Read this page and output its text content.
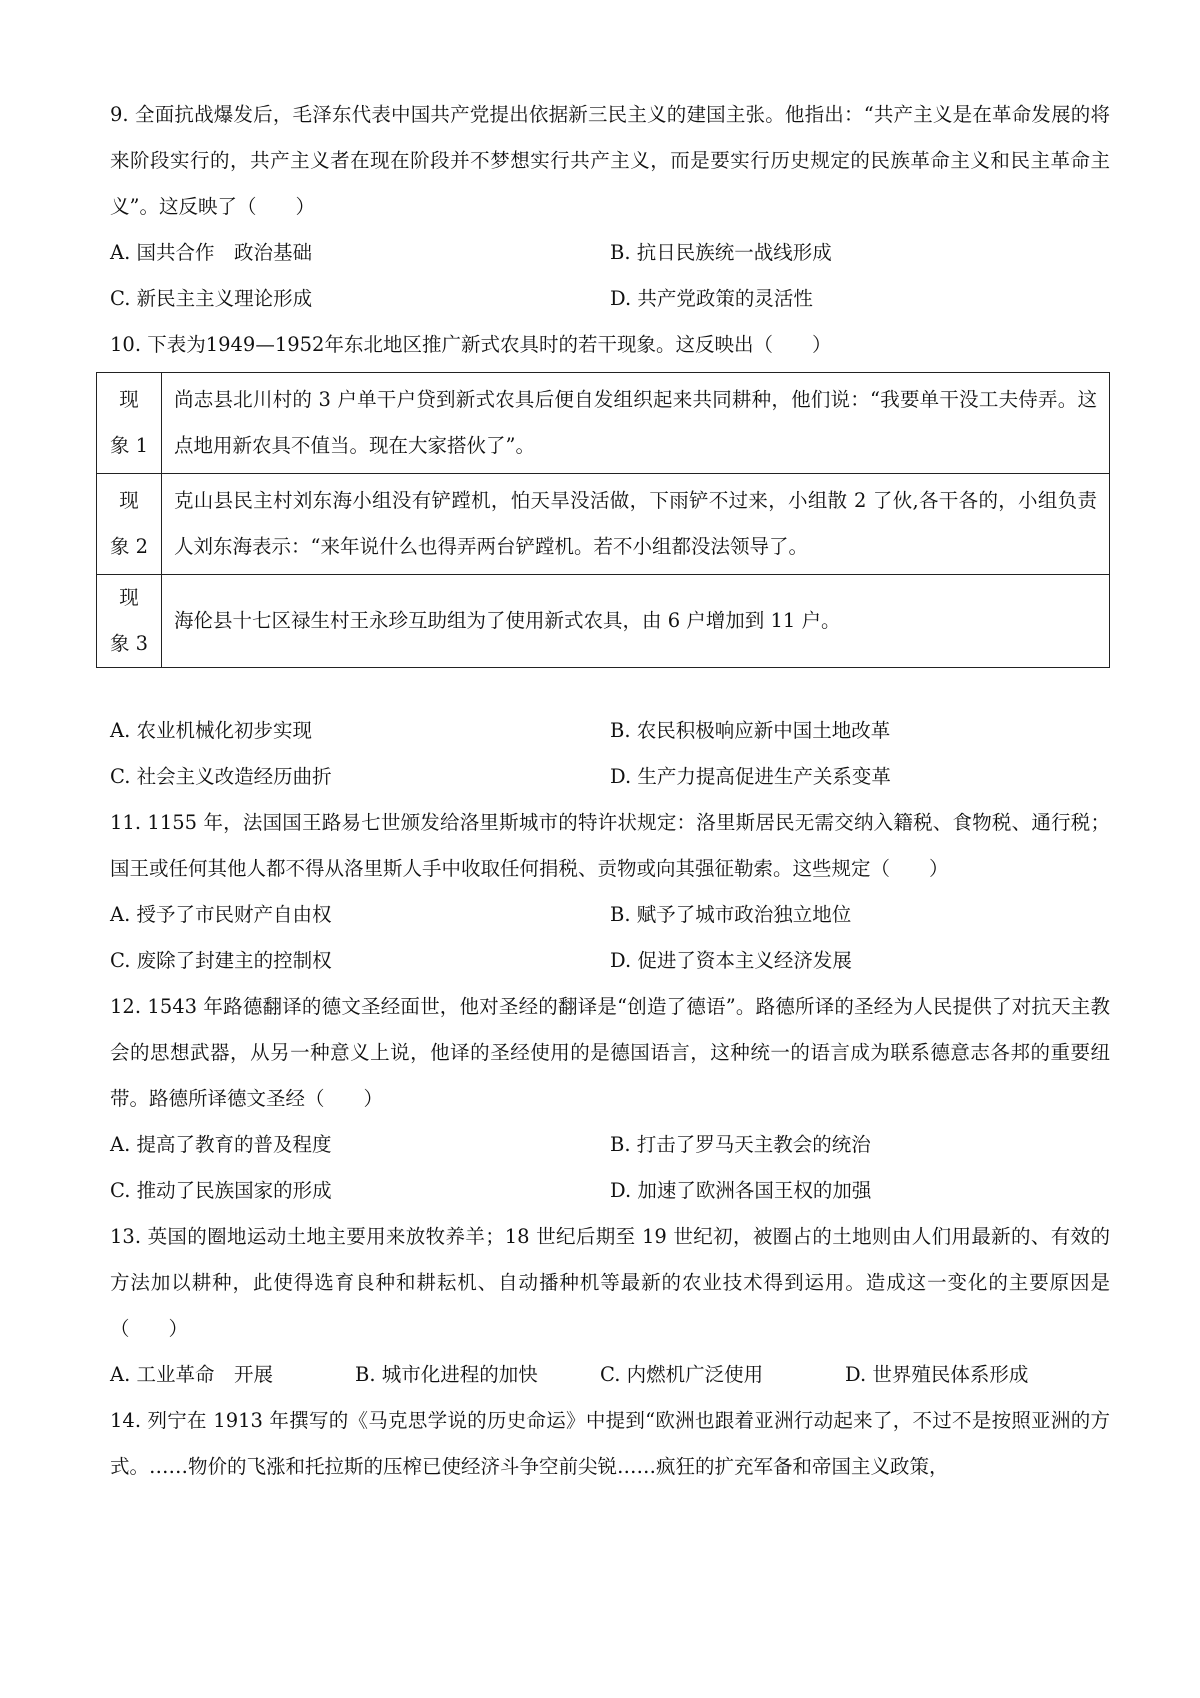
9. 全面抗战爆发后，毛泽东代表中国共产党提出依据新三民主义的建国主张。他指出：“共产主义是在革命发展的将来阶段实行的，共产主义者在现在阶段并不梦想实行共产主义，而是要实行历史规定的民族革命主义和民主革命主义”。这反映了（　　）

A. 国共合作　政治基础	B. 抗日民族统一战线形成
C. 新民主主义理论形成	D. 共产党政策的灵活性

10. 下表为1949—1952年东北地区推广新式农具时的若干现象。这反映出（　　）

现
象 1	尚志县北川村的 3 户单干户贷到新式农具后便自发组织起来共同耕种，他们说：“我要单干没工夫侍弄。这点地用新农具不值当。现在大家搭伙了”。

现
象 2	克山县民主村刘东海小组没有铲蹚机，怕天旱没活做，下雨铲不过来，小组散 2 了伙,各干各的，小组负责人刘东海表示：“来年说什么也得弄两台铲蹚机。若不小组都没法领导了。

现
象 3	海伦县十七区禄生村王永珍互助组为了使用新式农具，由 6 户增加到 11 户。
A. 农业机械化初步实现	B. 农民积极响应新中国土地改革
C. 社会主义改造经历曲折	D. 生产力提高促进生产关系变革

11. 1155 年，法国国王路易七世颁发给洛里斯城市的特许状规定：洛里斯居民无需交纳入籍税、食物税、通行税；国王或任何其他人都不得从洛里斯人手中收取任何捐税、贡物或向其强征勒索。这些规定（　　）

A. 授予了市民财产自由权	B. 赋予了城市政治独立地位
C. 废除了封建主的控制权	D. 促进了资本主义经济发展

12. 1543 年路德翻译的德文圣经面世，他对圣经的翻译是“创造了德语”。路德所译的圣经为人民提供了对抗天主教会的思想武器，从另一种意义上说，他译的圣经使用的是德国语言，这种统一的语言成为联系德意志各邦的重要纽带。路德所译德文圣经（　　）

A. 提高了教育的普及程度	B. 打击了罗马天主教会的统治
C. 推动了民族国家的形成	D. 加速了欧洲各国王权的加强

13. 英国的圈地运动土地主要用来放牧养羊；18 世纪后期至 19 世纪初，被圈占的土地则由人们用最新的、有效的方法加以耕种，此使得选育良种和耕耘机、自动播种机等最新的农业技术得到运用。造成这一变化的主要原因是（　　）

A. 工业革命　开展	B. 城市化进程的加快	C. 内燃机广泛使用	D. 世界殖民体系形成

14. 列宁在 1913 年撰写的《马克思学说的历史命运》中提到“欧洲也跟着亚洲行动起来了，不过不是按照亚洲的方式。……物价的飞涨和托拉斯的压榨已使经济斗争空前尖锐……疯狂的扩充军备和帝国主义政策，
